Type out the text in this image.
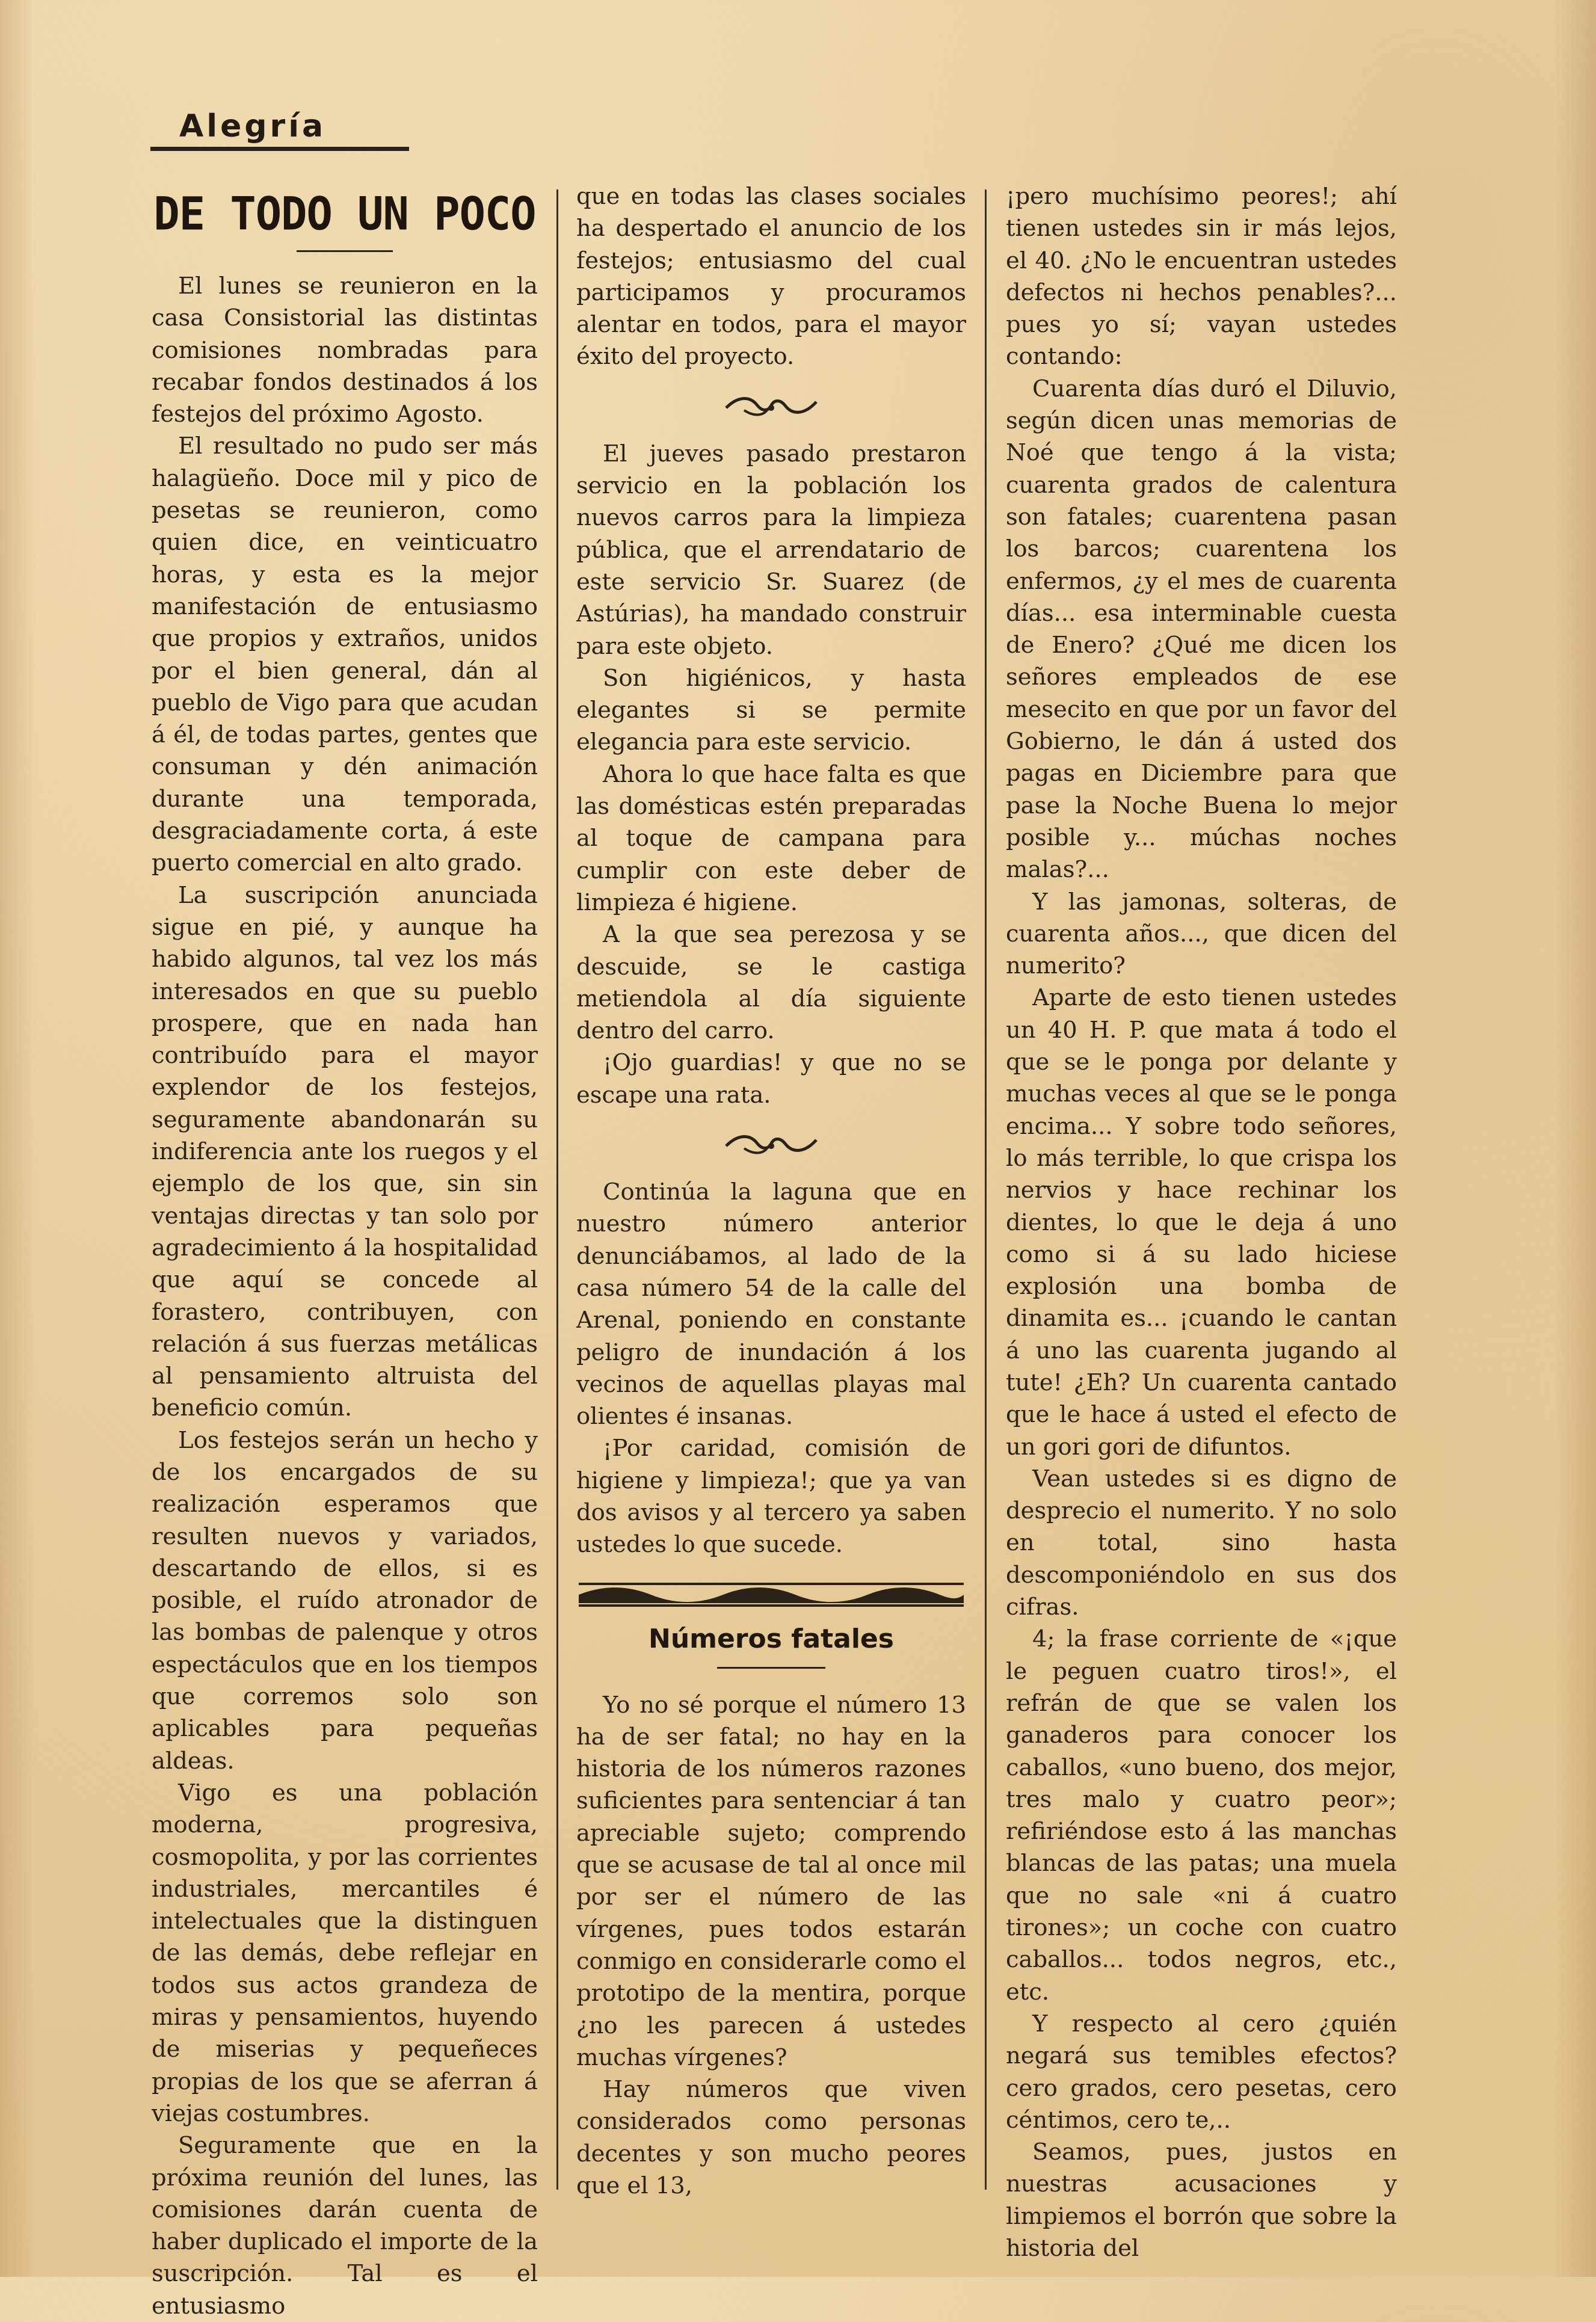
Alegría
DE TODO UN POCO

El lunes se reunieron en la casa Consistorial las distintas comisiones nombradas para recabar fondos destinados á los festejos del próximo Agosto.

El resultado no pudo ser más halagüeño. Doce mil y pico de pesetas se reunieron, como quien dice, en veinticuatro horas, y esta es la mejor manifestación de entusiasmo que propios y extraños, unidos por el bien general, dán al pueblo de Vigo para que acudan á él, de todas partes, gentes que consuman y dén animación durante una temporada, desgraciadamente corta, á este puerto comercial en alto grado.

La suscripción anunciada sigue en pié, y aunque ha habido algunos, tal vez los más interesados en que su pueblo prospere, que en nada han contribuído para el mayor explendor de los festejos, seguramente abandonarán su indiferencia ante los ruegos y el ejemplo de los que, sin sin ventajas directas y tan solo por agradecimiento á la hospitalidad que aquí se concede al forastero, contribuyen, con relación á sus fuerzas metálicas al pensamiento altruista del beneficio común.

Los festejos serán un hecho y de los encargados de su realización esperamos que resulten nuevos y variados, descartando de ellos, si es posible, el ruído atronador de las bombas de palenque y otros espectáculos que en los tiempos que corremos solo son aplicables para pequeñas aldeas.

Vigo es una población moderna, progresiva, cosmopolita, y por las corrientes industriales, mercantiles é intelectuales que la distinguen de las demás, debe reflejar en todos sus actos grandeza de miras y pensamientos, huyendo de miserias y pequeñeces propias de los que se aferran á viejas costumbres.

Seguramente que en la próxima reunión del lunes, las comisiones darán cuenta de haber duplicado el importe de la suscripción. Tal es el entusiasmo

que en todas las clases sociales ha despertado el anuncio de los festejos; entusiasmo del cual participamos y procuramos alentar en todos, para el mayor éxito del proyecto.

El jueves pasado prestaron servicio en la población los nuevos carros para la limpieza pública, que el arrendatario de este servicio Sr. Suarez (de Astúrias), ha mandado construir para este objeto.

Son higiénicos, y hasta elegantes si se permite elegancia para este servicio.

Ahora lo que hace falta es que las domésticas estén preparadas al toque de campana para cumplir con este deber de limpieza é higiene.

A la que sea perezosa y se descuide, se le castiga metiendola al día siguiente dentro del carro.

¡Ojo guardias! y que no se escape una rata.

Continúa la laguna que en nuestro número anterior denunciábamos, al lado de la casa número 54 de la calle del Arenal, poniendo en constante peligro de inundación á los vecinos de aquellas playas mal olientes é insanas.

¡Por caridad, comisión de higiene y limpieza!; que ya van dos avisos y al tercero ya saben ustedes lo que sucede.

Números fatales

Yo no sé porque el número 13 ha de ser fatal; no hay en la historia de los números razones suficientes para sentenciar á tan apreciable sujeto; comprendo que se acusase de tal al once mil por ser el número de las vírgenes, pues todos estarán conmigo en considerarle como el prototipo de la mentira, porque ¿no les parecen á ustedes muchas vírgenes?

Hay números que viven considerados como personas decentes y son mucho peores que el 13,

¡pero muchísimo peores!; ahí tienen ustedes sin ir más lejos, el 40. ¿No le encuentran ustedes defectos ni hechos penables?... pues yo sí; vayan ustedes contando:

Cuarenta días duró el Diluvio, según dicen unas memorias de Noé que tengo á la vista; cuarenta grados de calentura son fatales; cuarentena pasan los barcos; cuarentena los enfermos, ¿y el mes de cuarenta días... esa interminable cuesta de Enero? ¿Qué me dicen los señores empleados de ese mesecito en que por un favor del Gobierno, le dán á usted dos pagas en Diciembre para que pase la Noche Buena lo mejor posible y... múchas noches malas?...

Y las jamonas, solteras, de cuarenta años..., que dicen del numerito?

Aparte de esto tienen ustedes un 40 H. P. que mata á todo el que se le ponga por delante y muchas veces al que se le ponga encima... Y sobre todo señores, lo más terrible, lo que crispa los nervios y hace rechinar los dientes, lo que le deja á uno como si á su lado hiciese explosión una bomba de dinamita es... ¡cuando le cantan á uno las cuarenta jugando al tute! ¿Eh? Un cuarenta cantado que le hace á usted el efecto de un gori gori de difuntos.

Vean ustedes si es digno de desprecio el numerito. Y no solo en total, sino hasta descomponiéndolo en sus dos cifras.

4; la frase corriente de «¡que le peguen cuatro tiros!», el refrán de que se valen los ganaderos para conocer los caballos, «uno bueno, dos mejor, tres malo y cuatro peor»; refiriéndose esto á las manchas blancas de las patas; una muela que no sale «ni á cuatro tirones»; un coche con cuatro caballos... todos negros, etc., etc.

Y respecto al cero ¿quién negará sus temibles efectos? cero grados, cero pesetas, cero céntimos, cero te,..

Seamos, pues, justos en nuestras acusaciones y limpiemos el borrón que sobre la historia del
